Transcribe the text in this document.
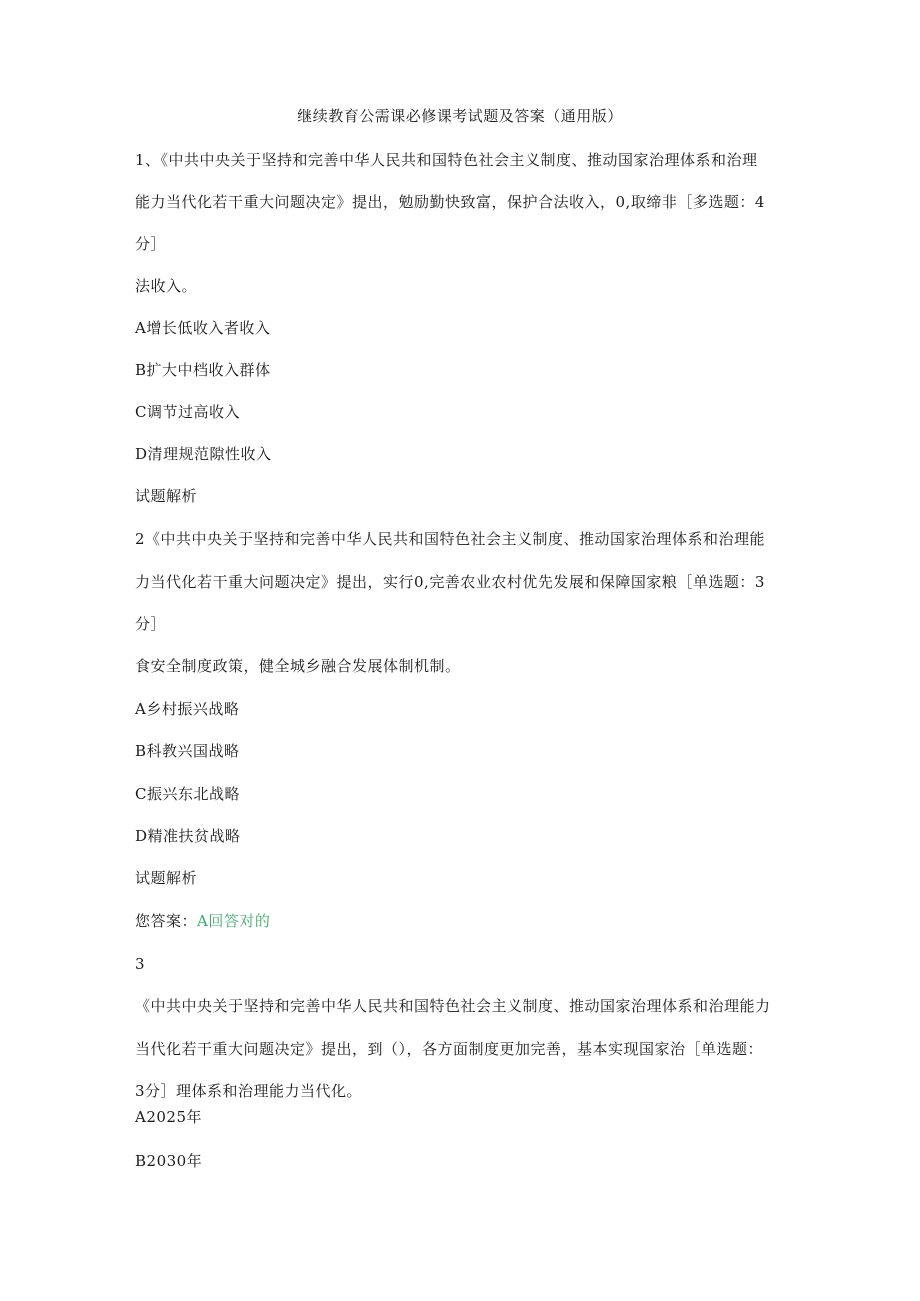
继续教育公需课必修课考试题及答案（通用版）
1、《中共中央关于坚持和完善中华人民共和国特色社会主义制度、推动国家治理体系和治理
能力当代化若干重大问题决定》提出，勉励勤快致富，保护合法收入，0,取缔非［多选题：4
分］
法收入。
A增长低收入者收入
B扩大中档收入群体
C调节过高收入
D清理规范隙性收入
试题解析
2《中共中央关于坚持和完善中华人民共和国特色社会主义制度、推动国家治理体系和治理能
力当代化若干重大问题决定》提出，实行0,完善农业农村优先发展和保障国家粮［单选题：3
分］
食安全制度政策，健全城乡融合发展体制机制。
A乡村振兴战略
B科教兴国战略
C振兴东北战略
D精准扶贫战略
试题解析
您答案：A回答对的
3
《中共中央关于坚持和完善中华人民共和国特色社会主义制度、推动国家治理体系和治理能力
当代化若干重大问题决定》提出，到（），各方面制度更加完善，基本实现国家治［单选题：
3分］理体系和治理能力当代化。
A2025年
B2030年
